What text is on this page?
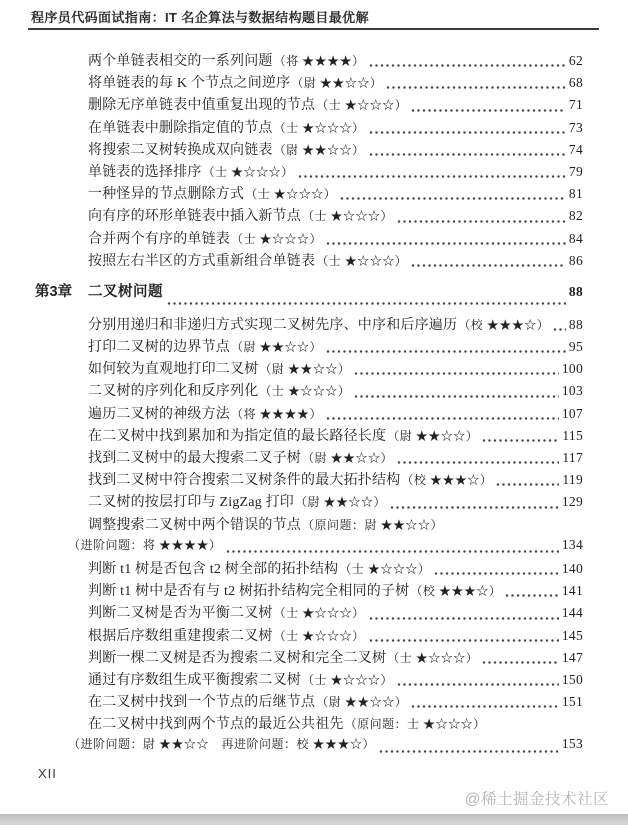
程序员代码面试指南：IT 名企算法与数据结构题目最优解
两个单链表相交的一系列问题 （将 ★★★★）	62
将单链表的每 K 个节点之间逆序 （尉 ★★☆☆）	68
删除无序单链表中值重复出现的节点 （士 ★☆☆☆）	71
在单链表中删除指定值的节点 （士 ★☆☆☆）	73
将搜索二叉树转换成双向链表 （尉 ★★☆☆）	74
单链表的选择排序 （士 ★☆☆☆）	79
一种怪异的节点删除方式 （士 ★☆☆☆）	81
向有序的环形单链表中插入新节点 （士 ★☆☆☆）	82
合并两个有序的单链表 （士 ★☆☆☆）	84
按照左右半区的方式重新组合单链表 （士 ★☆☆☆）	86
第3章	二叉树问题	88
分别用递归和非递归方式实现二叉树先序、中序和后序遍历 （校 ★★★☆） 88
打印二叉树的边界节点 （尉 ★★☆☆）	95
如何较为直观地打印二叉树 （尉 ★★☆☆）	100
二叉树的序列化和反序列化 （士 ★☆☆☆）	103
遍历二叉树的神级方法 （将 ★★★★）	107
在二叉树中找到累加和为指定值的最长路径长度 （尉 ★★☆☆）	115
找到二叉树中的最大搜索二叉子树 （尉 ★★☆☆）	117
找到二叉树中符合搜索二叉树条件的最大拓扑结构 （校 ★★★☆）	119
二叉树的按层打印与 ZigZag 打印 （尉 ★★☆☆）	129
调整搜索二叉树中两个错误的节点 （原问题：尉 ★★☆☆）
（进阶问题：将 ★★★★）	134
判断 t1 树是否包含 t2 树全部的拓扑结构 （士 ★☆☆☆）	140
判断 t1 树中是否有与 t2 树拓扑结构完全相同的子树 （校 ★★★☆）	141
判断二叉树是否为平衡二叉树 （士 ★☆☆☆）	144
根据后序数组重建搜索二叉树 （士 ★☆☆☆）	145
判断一棵二叉树是否为搜索二叉树和完全二叉树 （士 ★☆☆☆）	147
通过有序数组生成平衡搜索二叉树 （士 ★☆☆☆）	150
在二叉树中找到一个节点的后继节点 （尉 ★★☆☆）	151
在二叉树中找到两个节点的最近公共祖先 （原问题：士 ★☆☆☆）
（进阶问题：尉 ★★☆☆　再进阶问题：校 ★★★☆）	153
XII
@稀土掘金技术社区
